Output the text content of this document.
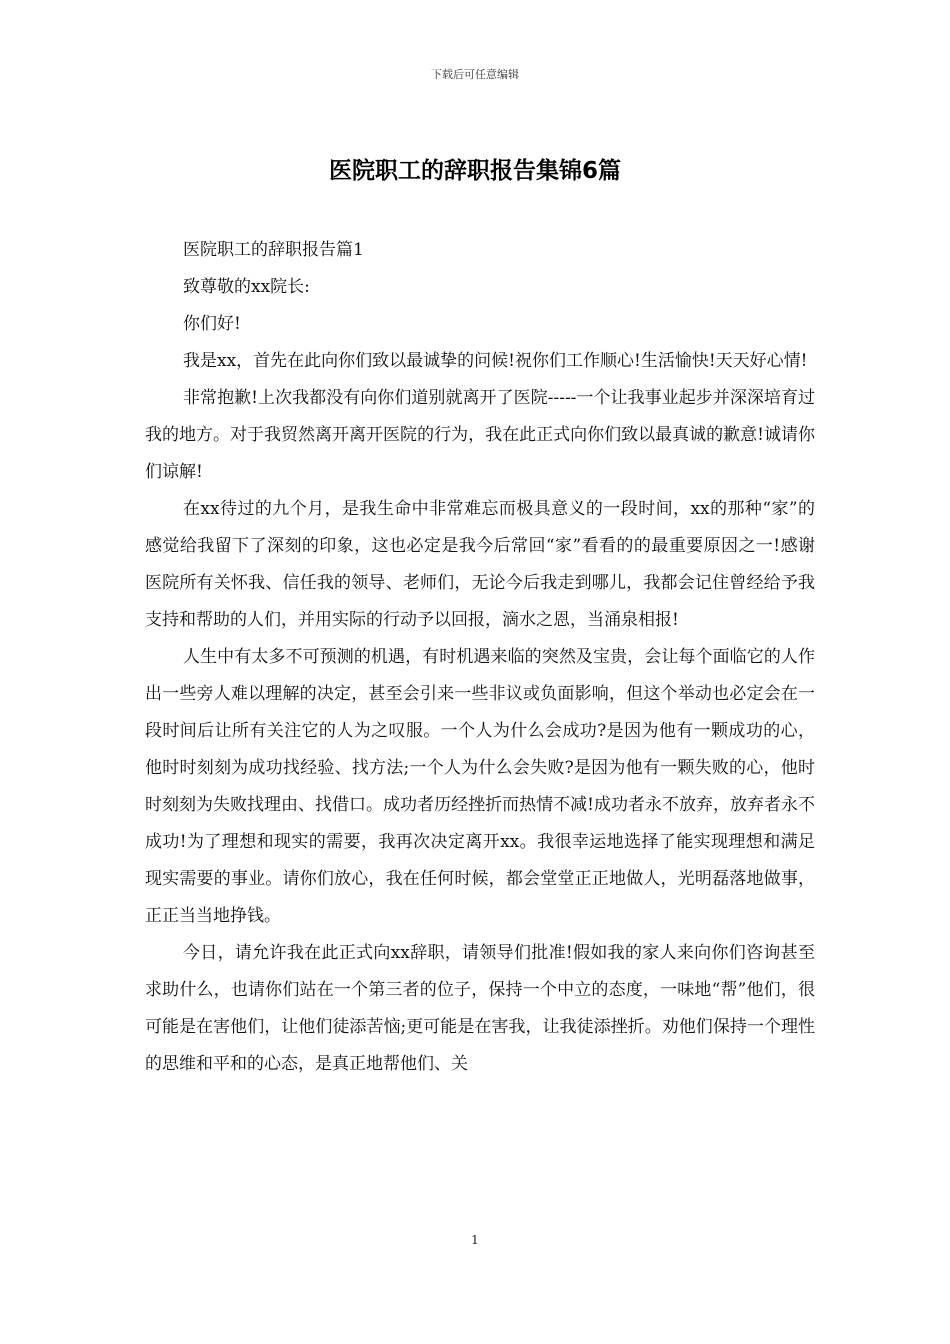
下载后可任意编辑
医院职工的辞职报告集锦6篇

医院职工的辞职报告篇1

致尊敬的xx院长:

你们好!

我是xx，首先在此向你们致以最诚挚的问候!祝你们工作顺心!生活愉快!天天好心情!

非常抱歉!上次我都没有向你们道别就离开了医院-----一个让我事业起步并深深培育过我的地方。对于我贸然离开离开医院的行为，我在此正式向你们致以最真诚的歉意!诚请你们谅解!

在xx待过的九个月，是我生命中非常难忘而极具意义的一段时间，xx的那种“家”的感觉给我留下了深刻的印象，这也必定是我今后常回“家”看看的的最重要原因之一!感谢医院所有关怀我、信任我的领导、老师们，无论今后我走到哪儿，我都会记住曾经给予我支持和帮助的人们，并用实际的行动予以回报，滴水之恩，当涌泉相报!

人生中有太多不可预测的机遇，有时机遇来临的突然及宝贵，会让每个面临它的人作出一些旁人难以理解的决定，甚至会引来一些非议或负面影响，但这个举动也必定会在一段时间后让所有关注它的人为之叹服。一个人为什么会成功?是因为他有一颗成功的心，他时时刻刻为成功找经验、找方法;一个人为什么会失败?是因为他有一颗失败的心，他时时刻刻为失败找理由、找借口。成功者历经挫折而热情不减!成功者永不放弃，放弃者永不成功!为了理想和现实的需要，我再次决定离开xx。我很幸运地选择了能实现理想和满足现实需要的事业。请你们放心，我在任何时候，都会堂堂正正地做人，光明磊落地做事，正正当当地挣钱。

今日，请允许我在此正式向xx辞职，请领导们批准!假如我的家人来向你们咨询甚至求助什么，也请你们站在一个第三者的位子，保持一个中立的态度，一味地“帮”他们，很可能是在害他们，让他们徒添苦恼;更可能是在害我，让我徒添挫折。劝他们保持一个理性的思维和平和的心态，是真正地帮他们、关

1
